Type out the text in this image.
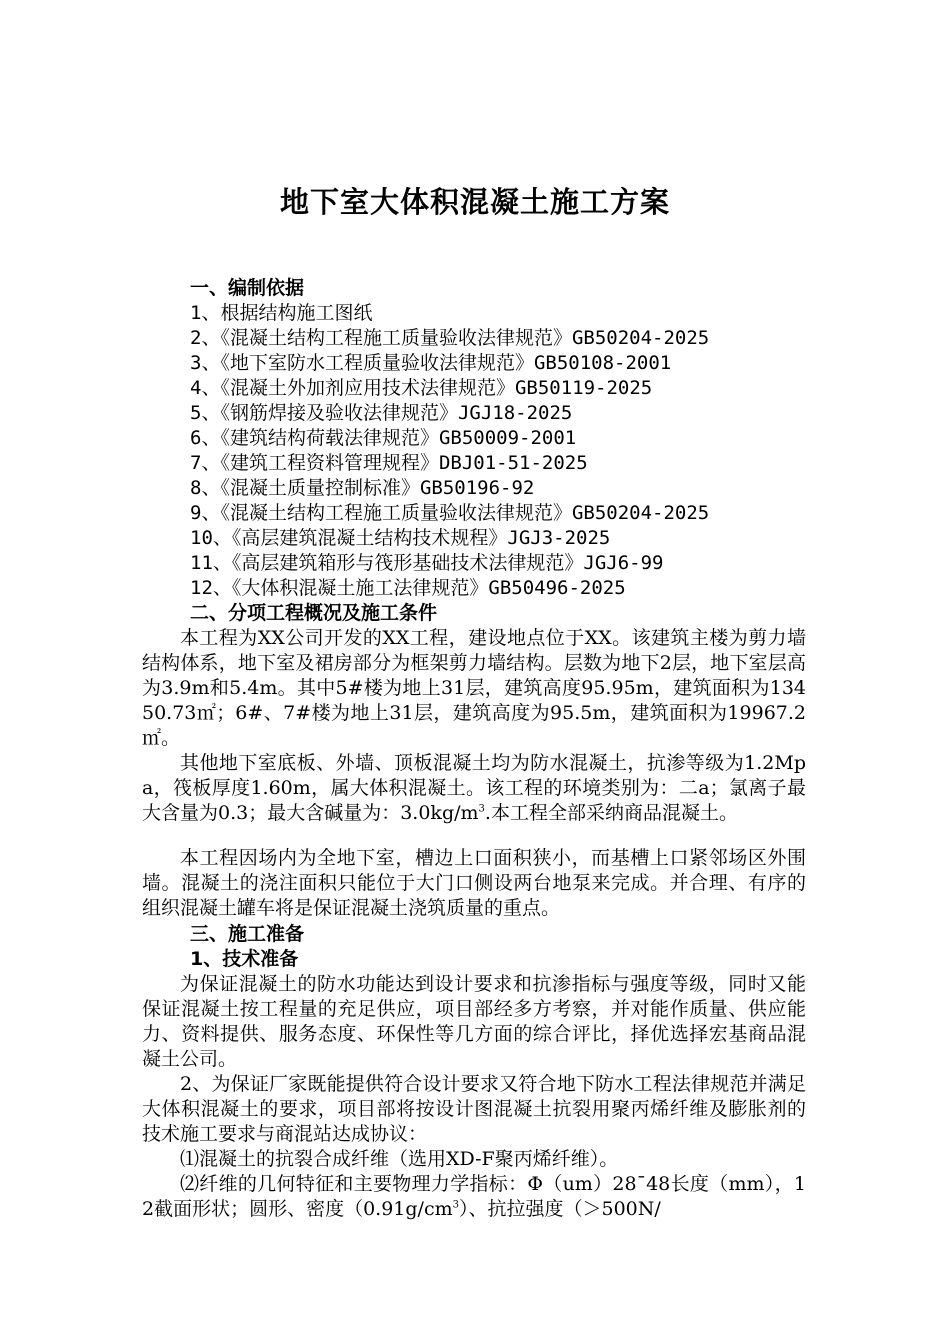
地下室大体积混凝土施工方案
一、编制依据
1、根据结构施工图纸
2、《混凝土结构工程施工质量验收法律规范》GB50204-2025
3、《地下室防水工程质量验收法律规范》GB50108-2001
4、《混凝土外加剂应用技术法律规范》GB50119-2025
5、《钢筋焊接及验收法律规范》JGJ18-2025
6、《建筑结构荷载法律规范》GB50009-2001
7、《建筑工程资料管理规程》DBJ01-51-2025
8、《混凝土质量控制标准》GB50196-92
9、《混凝土结构工程施工质量验收法律规范》GB50204-2025
10、《高层建筑混凝土结构技术规程》JGJ3-2025
11、《高层建筑箱形与筏形基础技术法律规范》JGJ6-99
12、《大体积混凝土施工法律规范》GB50496-2025
二、分项工程概况及施工条件

本工程为XX公司开发的XX工程，建设地点位于XX。该建筑主楼为剪力墙结构体系，地下室及裙房部分为框架剪力墙结构。层数为地下2层，地下室层高为3.9m和5.4m。其中5#楼为地上31层，建筑高度95.95m，建筑面积为13450.73㎡；6#、7#楼为地上31层，建筑高度为95.5m，建筑面积为19967.2㎡。

其他地下室底板、外墙、顶板混凝土均为防水混凝土，抗渗等级为1.2Mpa，筏板厚度1.60m，属大体积混凝土。该工程的环境类别为：二a；氯离子最大含量为0.3；最大含碱量为：$3.0kg/m^3$.本工程全部采纳商品混凝土。

本工程因场内为全地下室，槽边上口面积狭小，而基槽上口紧邻场区外围墙。混凝土的浇注面积只能位于大门口侧设两台地泵来完成。并合理、有序的组织混凝土罐车将是保证混凝土浇筑质量的重点。

三、施工准备
1、技术准备

为保证混凝土的防水功能达到设计要求和抗渗指标与强度等级，同时又能保证混凝土按工程量的充足供应，项目部经多方考察，并对能作质量、供应能力、资料提供、服务态度、环保性等几方面的综合评比，择优选择宏基商品混凝土公司。

2、为保证厂家既能提供符合设计要求又符合地下防水工程法律规范并满足大体积混凝土的要求，项目部将按设计图混凝土抗裂用聚丙烯纤维及膨胀剂的技术施工要求与商混站达成协议：

⑴混凝土的抗裂合成纤维（选用XD-F聚丙烯纤维）。

⑵纤维的几何特征和主要物理力学指标：Φ（um）28ˉ48长度（mm），12截面形状；圆形、密度$(0.91g/cm^3)$、抗拉强度（＞500N/
